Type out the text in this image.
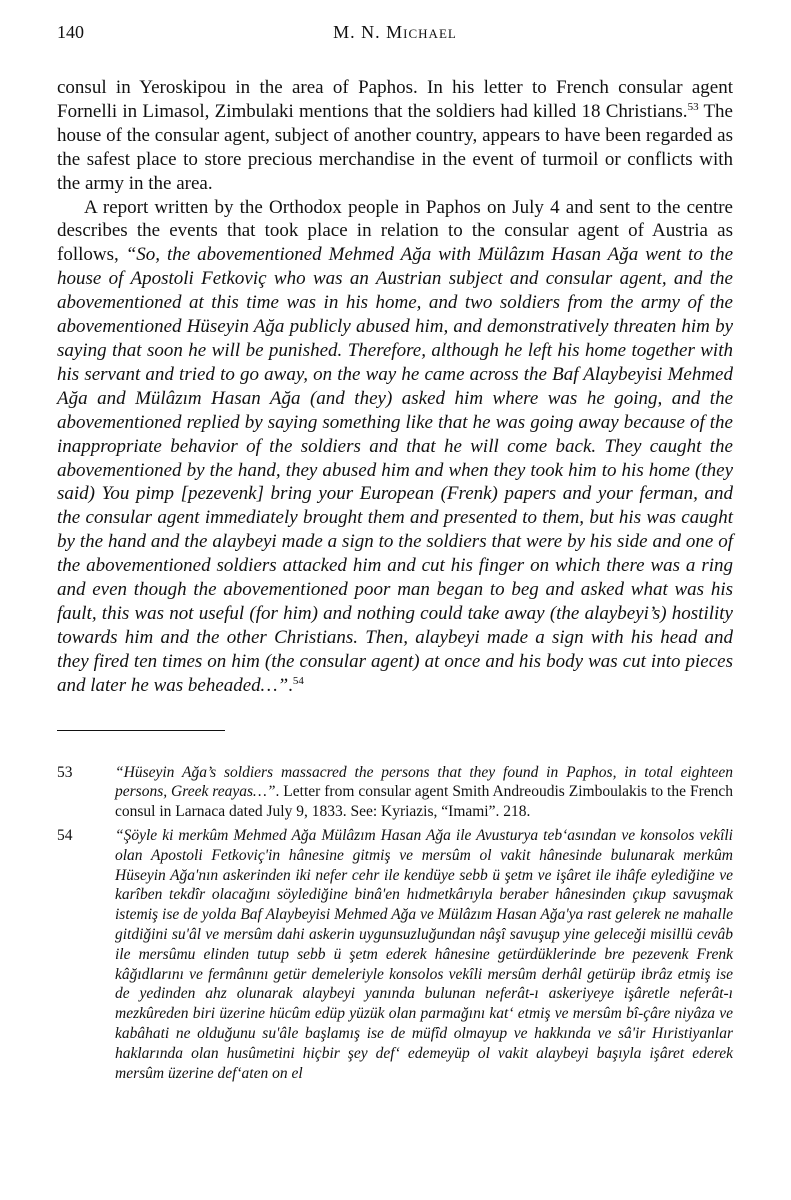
140	M. N. Michael

consul in Yeroskipou in the area of Paphos. In his letter to French consular agent Fornelli in Limasol, Zimbulaki mentions that the soldiers had killed 18 Christians.$^{53}$ The house of the consular agent, subject of another country, appears to have been regarded as the safest place to store precious merchandise in the event of turmoil or conflicts with the army in the area.

A report written by the Orthodox people in Paphos on July 4 and sent to the centre describes the events that took place in relation to the consular agent of Austria as follows, “So, the abovementioned Mehmed Ağa with Mülâzım Hasan Ağa went to the house of Apostoli Fetkoviç who was an Austrian subject and consular agent, and the abovementioned at this time was in his home, and two soldiers from the army of the abovementioned Hüseyin Ağa publicly abused him, and demonstratively threaten him by saying that soon he will be punished. Therefore, although he left his home together with his servant and tried to go away, on the way he came across the Baf Alaybeyisi Mehmed Ağa and Mülâzım Hasan Ağa (and they) asked him where was he going, and the abovementioned replied by saying something like that he was going away because of the inappropriate behavior of the soldiers and that he will come back. They caught the abovementioned by the hand, they abused him and when they took him to his home (they said) You pimp [pezevenk] bring your European (Frenk) papers and your ferman, and the consular agent immediately brought them and presented to them, but his was caught by the hand and the alaybeyi made a sign to the soldiers that were by his side and one of the abovementioned soldiers attacked him and cut his finger on which there was a ring and even though the abovementioned poor man began to beg and asked what was his fault, this was not useful (for him) and nothing could take away (the alaybeyi’s) hostility towards him and the other Christians. Then, alaybeyi made a sign with his head and they fired ten times on him (the consular agent) at once and his body was cut into pieces and later he was beheaded…”.$^{54}$

53	“Hüseyin Ağa’s soldiers massacred the persons that they found in Paphos, in total eighteen persons, Greek reayas…”. Letter from consular agent Smith Andreoudis Zimboulakis to the French consul in Larnaca dated July 9, 1833. See: Kyriazis, “Imami”. 218.
54	“Şöyle ki merkûm Mehmed Ağa Mülâzım Hasan Ağa ile Avusturya teb‘asından ve konsolos vekîli olan Apostoli Fetkoviç'in hânesine gitmiş ve mersûm ol vakit hânesinde bulunarak merkûm Hüseyin Ağa'nın askerinden iki nefer cehr ile kendüye sebb ü şetm ve işâret ile ihâfe eylediğine ve karîben tekdîr olacağını söylediğine binâ'en hıdmetkârıyla beraber hânesinden çıkup savuşmak istemiş ise de yolda Baf Alaybeyisi Mehmed Ağa ve Mülâzım Hasan Ağa'ya rast gelerek ne mahalle gitdiğini su'âl ve mersûm dahi askerin uygunsuzluğundan nâşî savuşup yine geleceği misillü cevâb ile mersûmu elinden tutup sebb ü şetm ederek hânesine getürdüklerinde bre pezevenk Frenk kâğıdlarını ve fermânını getür demeleriyle konsolos vekîli mersûm derhâl getürüp ibrâz etmiş ise de yedinden ahz olunarak alaybeyi yanında bulunan neferât-ı askeriyeye işâretle neferât-ı mezkûreden biri üzerine hücûm edüp yüzük olan parmağını kat‘ etmiş ve mersûm bî-çâre niyâza ve kabâhati ne olduğunu su'âle başlamış ise de müfîd olmayup ve hakkında ve sâ'ir Hıristiyanlar haklarında olan husûmetini hiçbir şey def‘ edemeyüp ol vakit alaybeyi başıyla işâret ederek mersûm üzerine def‘aten on el
